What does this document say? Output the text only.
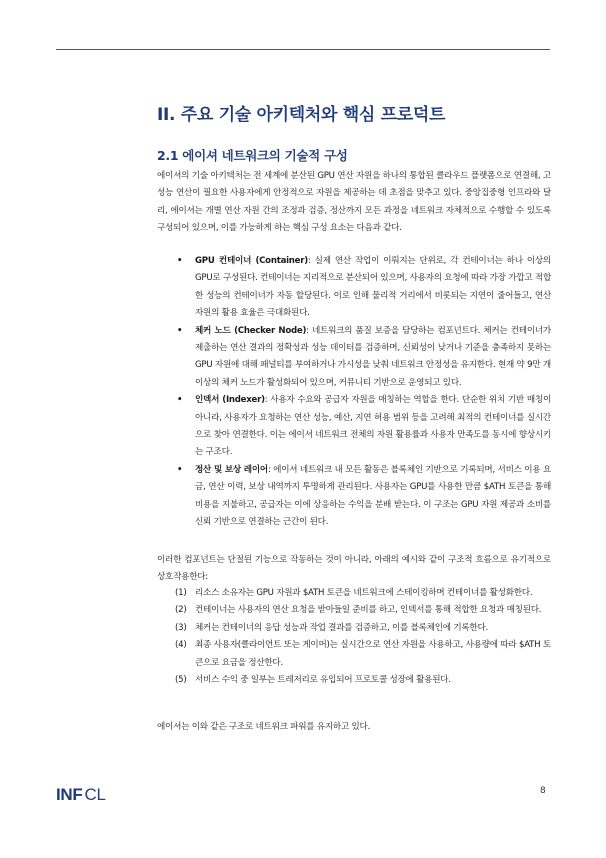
II. 주요 기술 아키텍처와 핵심 프로덕트
2.1 에이셔 네트워크의 기술적 구성

에이셔의 기술 아키텍처는 전 세계에 분산된 GPU 연산 자원을 하나의 통합된 클라우드 플랫폼으로 연결해, 고성능 연산이 필요한 사용자에게 안정적으로 자원을 제공하는 데 초점을 맞추고 있다. 중앙집중형 인프라와 달리, 에이셔는 개별 연산 자원 간의 조정과 검증, 정산까지 모든 과정을 네트워크 자체적으로 수행할 수 있도록 구성되어 있으며, 이를 가능하게 하는 핵심 구성 요소는 다음과 같다.

• GPU 컨테이너 (Container): 실제 연산 작업이 이뤄지는 단위로, 각 컨테이너는 하나 이상의 GPU로 구성된다. 컨테이너는 지리적으로 분산되어 있으며, 사용자의 요청에 따라 가장 가깝고 적합한 성능의 컨테이너가 자동 할당된다. 이로 인해 물리적 거리에서 비롯되는 지연이 줄어들고, 연산 자원의 활용 효율은 극대화된다.
• 체커 노드 (Checker Node): 네트워크의 품질 보증을 담당하는 컴포넌트다. 체커는 컨테이너가 제출하는 연산 결과의 정확성과 성능 데이터를 검증하며, 신뢰성이 낮거나 기준을 충족하지 못하는 GPU 자원에 대해 패널티를 부여하거나 가시성을 낮춰 네트워크 안정성을 유지한다. 현재 약 9만 개 이상의 체커 노드가 활성화되어 있으며, 커뮤니티 기반으로 운영되고 있다.
• 인덱서 (Indexer): 사용자 수요와 공급자 자원을 매칭하는 역할을 한다. 단순한 위치 기반 매칭이 아니라, 사용자가 요청하는 연산 성능, 예산, 지연 허용 범위 등을 고려해 최적의 컨테이너를 실시간으로 찾아 연결한다. 이는 에이셔 네트워크 전체의 자원 활용률과 사용자 만족도를 동시에 향상시키는 구조다.
• 정산 및 보상 레이어: 에이셔 네트워크 내 모든 활동은 블록체인 기반으로 기록되며, 서비스 이용 요금, 연산 이력, 보상 내역까지 투명하게 관리된다. 사용자는 GPU를 사용한 만큼 $ATH 토큰을 통해 비용을 지불하고, 공급자는 이에 상응하는 수익을 분배 받는다. 이 구조는 GPU 자원 제공과 소비를 신뢰 기반으로 연결하는 근간이 된다.

이러한 컴포넌트는 단절된 기능으로 작동하는 것이 아니라, 아래의 예시와 같이 구조적 흐름으로 유기적으로 상호작용한다:

(1) 리소스 소유자는 GPU 자원과 $ATH 토큰을 네트워크에 스테이킹하며 컨테이너를 활성화한다.
(2) 컨테이너는 사용자의 연산 요청을 받아들일 준비를 하고, 인덱서를 통해 적합한 요청과 매칭된다.
(3) 체커는 컨테이너의 응답 성능과 작업 결과를 검증하고, 이를 블록체인에 기록한다.
(4) 최종 사용자(클라이언트 또는 게이머)는 실시간으로 연산 자원을 사용하고, 사용량에 따라 $ATH 토큰으로 요금을 정산한다.
(5) 서비스 수익 중 일부는 트레저리로 유입되어 프로토콜 성장에 활용된다.

에이셔는 이와 같은 구조로 네트워크 파워를 유지하고 있다.

INF CL	8
